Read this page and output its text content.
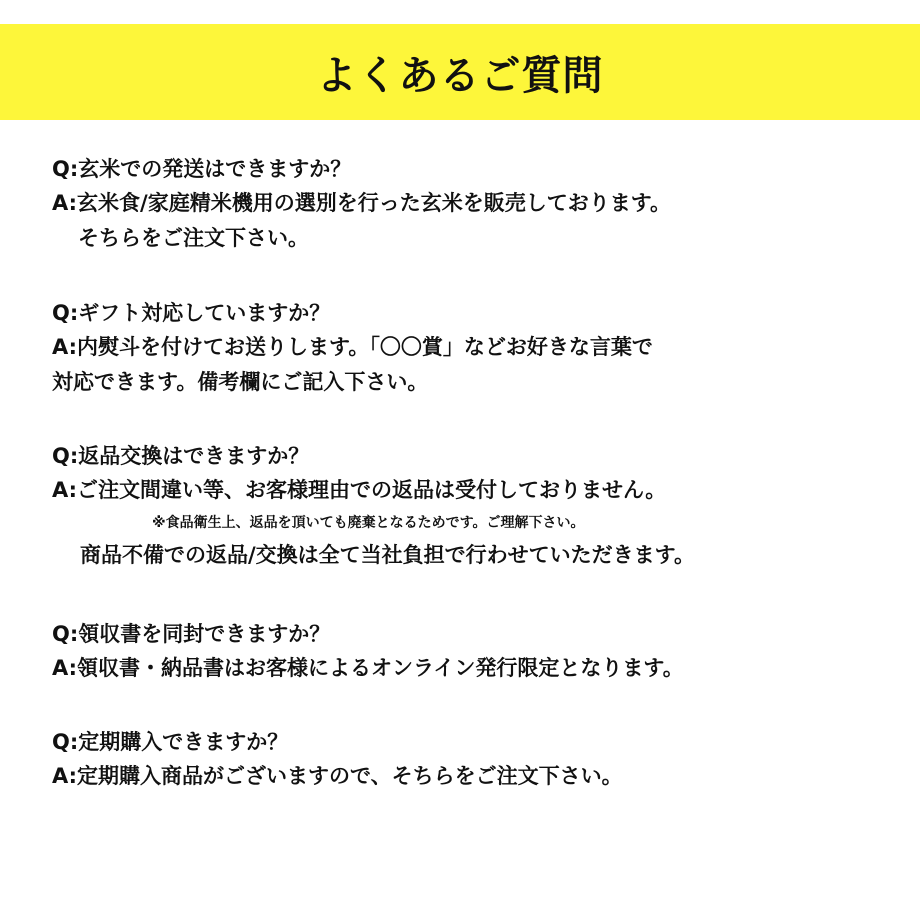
よくあるご質問
Q:玄米での発送はできますか？
A:玄米食/家庭精米機用の選別を行った玄米を販売しております。
そちらをご注文下さい。
Q:ギフト対応していますか？
A:内熨斗を付けてお送りします。「〇〇賞」などお好きな言葉で
対応できます。備考欄にご記入下さい。
Q:返品交換はできますか？
A:ご注文間違い等、お客様理由での返品は受付しておりません。
※食品衛生上、返品を頂いても廃棄となるためです。ご理解下さい。
商品不備での返品/交換は全て当社負担で行わせていただきます。
Q:領収書を同封できますか？
A:領収書・納品書はお客様によるオンライン発行限定となります。
Q:定期購入できますか？
A:定期購入商品がございますので、そちらをご注文下さい。
